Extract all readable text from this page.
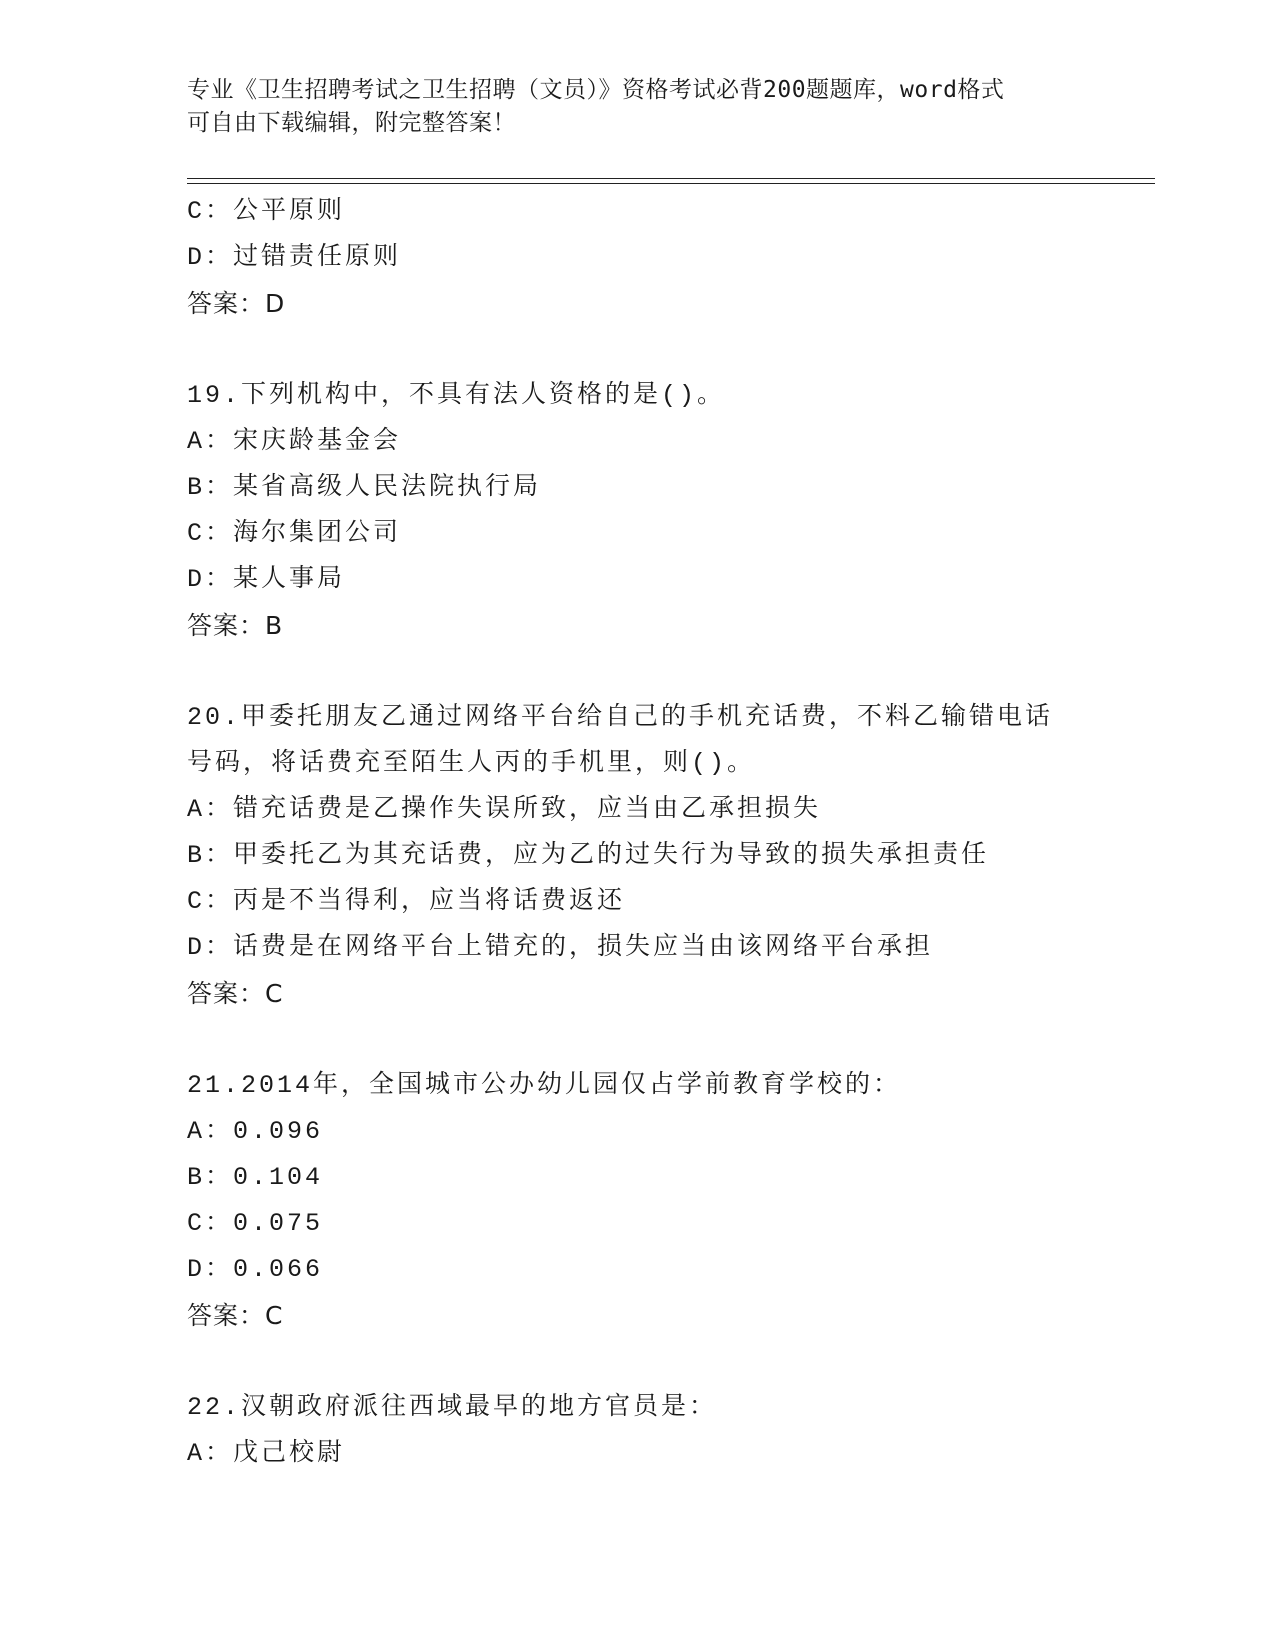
专业《卫生招聘考试之卫生招聘（文员）》资格考试必背200题题库，word格式
可自由下载编辑，附完整答案！
C：公平原则
D：过错责任原则
答案：D
19.下列机构中，不具有法人资格的是()。
A：宋庆龄基金会
B：某省高级人民法院执行局
C：海尔集团公司
D：某人事局
答案：B
20.甲委托朋友乙通过网络平台给自己的手机充话费，不料乙输错电话
号码，将话费充至陌生人丙的手机里，则()。
A：错充话费是乙操作失误所致，应当由乙承担损失
B：甲委托乙为其充话费，应为乙的过失行为导致的损失承担责任
C：丙是不当得利，应当将话费返还
D：话费是在网络平台上错充的，损失应当由该网络平台承担
答案：C
21.2014年，全国城市公办幼儿园仅占学前教育学校的：
A：0.096
B：0.104
C：0.075
D：0.066
答案：C
22.汉朝政府派往西域最早的地方官员是：
A：戊己校尉
